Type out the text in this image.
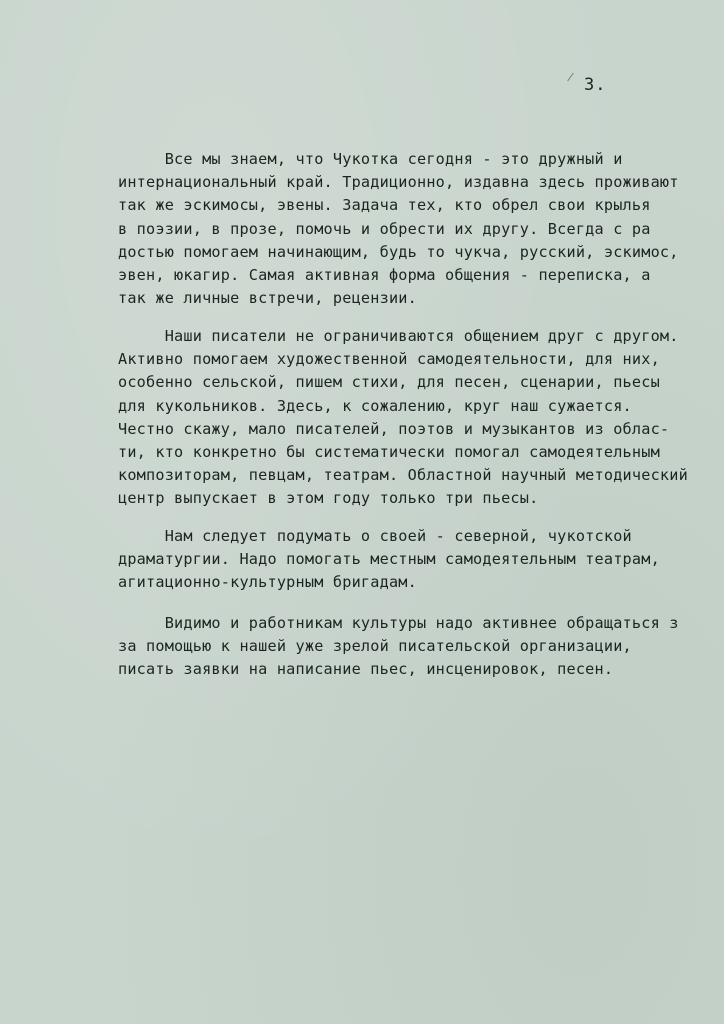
3.
Все мы знаем, что Чукотка сегодня - это дружный и
интернациональный край. Традиционно, издавна здесь проживают
так же эскимосы, эвены. Задача тех, кто обрел свои крылья
в поэзии, в прозе, помочь и обрести их другу. Всегда с ра
достью помогаем начинающим, будь то чукча, русский, эскимос,
эвен, юкагир. Самая активная форма общения - переписка, а
так же личные встречи, рецензии.
Наши писатели не ограничиваются общением друг с другом.
Активно помогаем художественной самодеятельности, для них,
особенно сельской, пишем стихи, для песен, сценарии, пьесы
для кукольников. Здесь, к сожалению, круг наш сужается.
Честно скажу, мало писателей, поэтов и музыкантов из облас-
ти, кто конкретно бы систематически помогал самодеятельным
композиторам, певцам, театрам. Областной научный методический
центр выпускает в этом году только три пьесы.
Нам следует подумать о своей - северной, чукотской
драматургии. Надо помогать местным самодеятельным театрам,
агитационно-культурным бригадам.
Видимо и работникам культуры надо активнее обращаться з
за помощью к нашей уже зрелой писательской организации,
писать заявки на написание пьес, инсценировок, песен.
